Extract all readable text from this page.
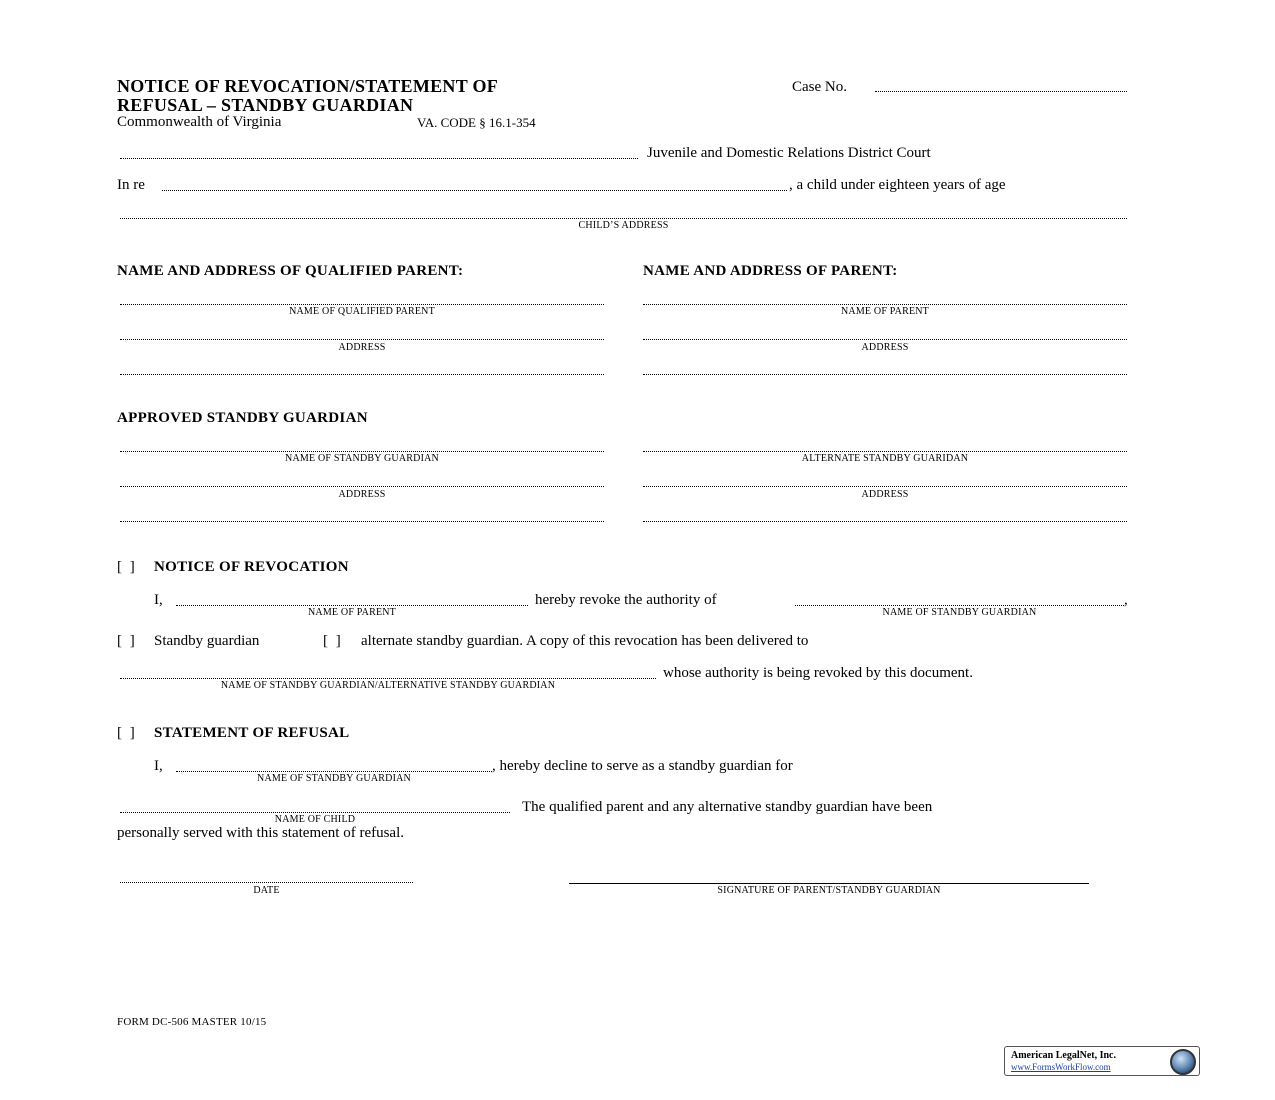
NOTICE OF REVOCATION/STATEMENT OF
REFUSAL – STANDBY GUARDIAN
Commonwealth of Virginia	VA. CODE § 16.1-354
Case No.
Juvenile and Domestic Relations District Court
In re	, a child under eighteen years of age
CHILD’S ADDRESS
NAME AND ADDRESS OF QUALIFIED PARENT:	NAME AND ADDRESS OF PARENT:
NAME OF QUALIFIED PARENT
ADDRESS
NAME OF PARENT
ADDRESS
APPROVED STANDBY GUARDIAN
NAME OF STANDBY GUARDIAN
ADDRESS
ALTERNATE STANDBY GUARIDAN
ADDRESS
[ ] NOTICE OF REVOCATION
I,
NAME OF PARENT
hereby revoke the authority of
NAME OF STANDBY GUARDIAN
,
[ ] Standby guardian	[ ] alternate standby guardian. A copy of this revocation has been delivered to
NAME OF STANDBY GUARDIAN/ALTERNATIVE STANDBY GUARDIAN
whose authority is being revoked by this document.
[ ] STATEMENT OF REFUSAL
I,
NAME OF STANDBY GUARDIAN
, hereby decline to serve as a standby guardian for
NAME OF CHILD
The qualified parent and any alternative standby guardian have been
personally served with this statement of refusal.
DATE	SIGNATURE OF PARENT/STANDBY GUARDIAN
FORM DC-506 MASTER 10/15
American LegalNet, Inc.
www.FormsWorkFlow.com
